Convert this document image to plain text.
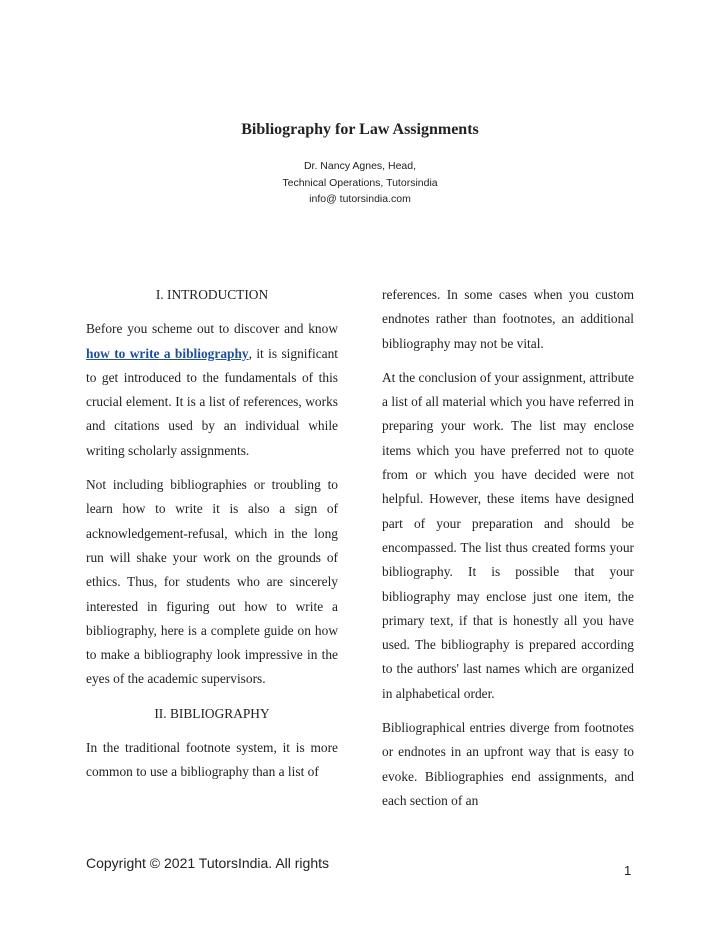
Bibliography for Law Assignments
Dr. Nancy Agnes, Head,
Technical Operations, Tutorsindia
info@ tutorsindia.com
I. INTRODUCTION

Before you scheme out to discover and know how to write a bibliography, it is significant to get introduced to the fundamentals of this crucial element. It is a list of references, works and citations used by an individual while writing scholarly assignments.

Not including bibliographies or troubling to learn how to write it is also a sign of acknowledgement-refusal, which in the long run will shake your work on the grounds of ethics. Thus, for students who are sincerely interested in figuring out how to write a bibliography, here is a complete guide on how to make a bibliography look impressive in the eyes of the academic supervisors.

II. BIBLIOGRAPHY

In the traditional footnote system, it is more common to use a bibliography than a list of

references. In some cases when you custom endnotes rather than footnotes, an additional bibliography may not be vital.

At the conclusion of your assignment, attribute a list of all material which you have referred in preparing your work. The list may enclose items which you have preferred not to quote from or which you have decided were not helpful. However, these items have designed part of your preparation and should be encompassed. The list thus created forms your bibliography. It is possible that your bibliography may enclose just one item, the primary text, if that is honestly all you have used. The bibliography is prepared according to the authors' last names which are organized in alphabetical order.

Bibliographical entries diverge from footnotes or endnotes in an upfront way that is easy to evoke. Bibliographies end assignments, and each section of an

Copyright © 2021 TutorsIndia. All rights	1
